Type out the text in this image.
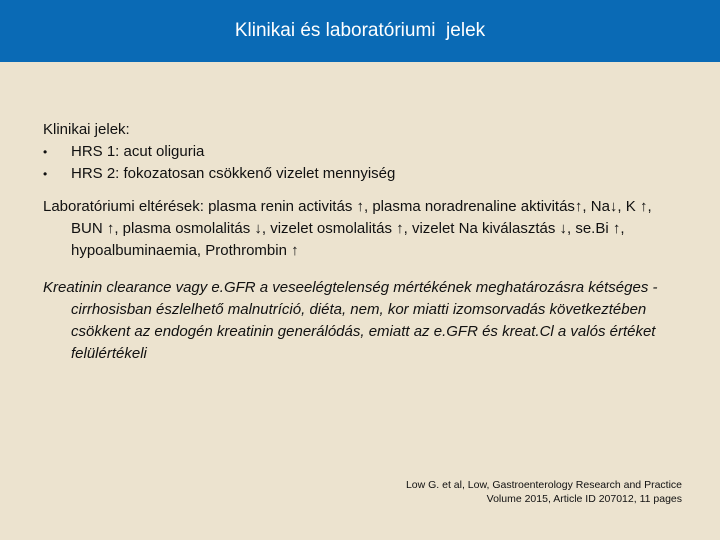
Klinikai és laboratóriumi  jelek

Klinikai jelek:

• HRS 1: acut oliguria
• HRS 2: fokozatosan csökkenő vizelet mennyiség

Laboratóriumi eltérések: plasma renin activitás ↑, plasma noradrenaline aktivitás↑, Na↓, K ↑, BUN ↑, plasma osmolalitás ↓, vizelet osmolalitás ↑, vizelet Na kiválasztás ↓, se.Bi ↑, hypoalbuminaemia, Prothrombin ↑

Kreatinin clearance vagy e.GFR a veseelégtelenség mértékének meghatározásra kétséges - cirrhosisban észlelhető malnutríció, diéta, nem, kor miatti izomsorvadás következtében csökkent az endogén kreatinin generálódás, emiatt az e.GFR és kreat.Cl a valós értéket felülértékeli

Low G. et al, Low, Gastroenterology Research and Practice
Volume 2015, Article ID 207012, 11 pages
